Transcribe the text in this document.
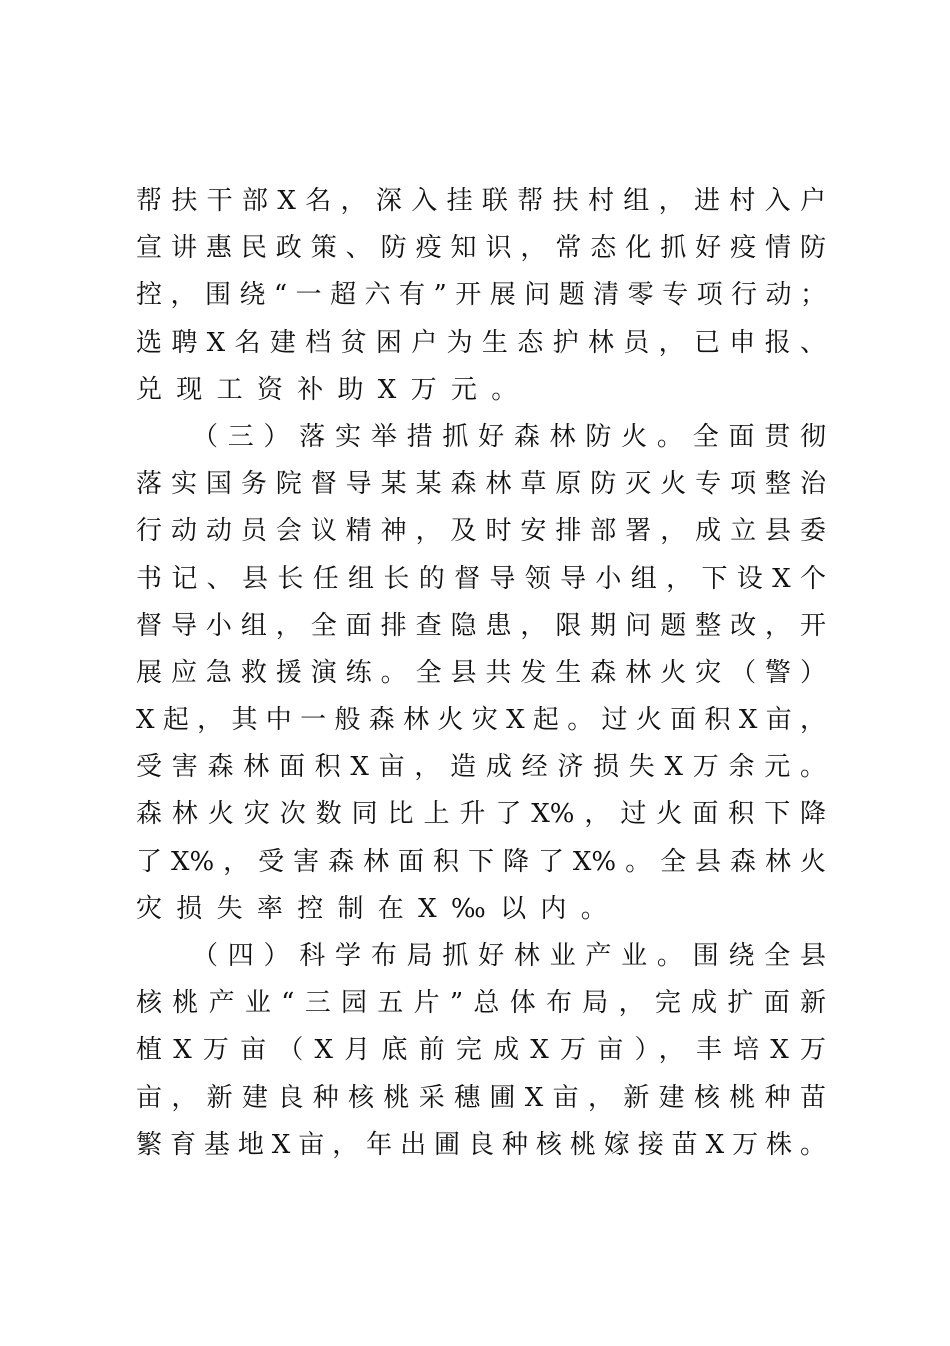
帮扶干部X名，深入挂联帮扶村组，进村入户
宣讲惠民政策、防疫知识，常态化抓好疫情防
控，围绕“一超六有”开展问题清零专项行动；
选聘X名建档贫困户为生态护林员，已申报、
兑现工资补助X万元。
（三）落实举措抓好森林防火。全面贯彻
落实国务院督导某某森林草原防灭火专项整治
行动动员会议精神，及时安排部署，成立县委
书记、县长任组长的督导领导小组，下设X个
督导小组，全面排查隐患，限期问题整改，开
展应急救援演练。全县共发生森林火灾（警）
X起，其中一般森林火灾X起。过火面积X亩，
受害森林面积X亩，造成经济损失X万余元。
森林火灾次数同比上升了X%，过火面积下降
了X%，受害森林面积下降了X%。全县森林火
灾损失率控制在X‰以内。
（四）科学布局抓好林业产业。围绕全县
核桃产业“三园五片”总体布局，完成扩面新
植X万亩（X月底前完成X万亩），丰培X万
亩，新建良种核桃采穗圃X亩，新建核桃种苗
繁育基地X亩，年出圃良种核桃嫁接苗X万株。
